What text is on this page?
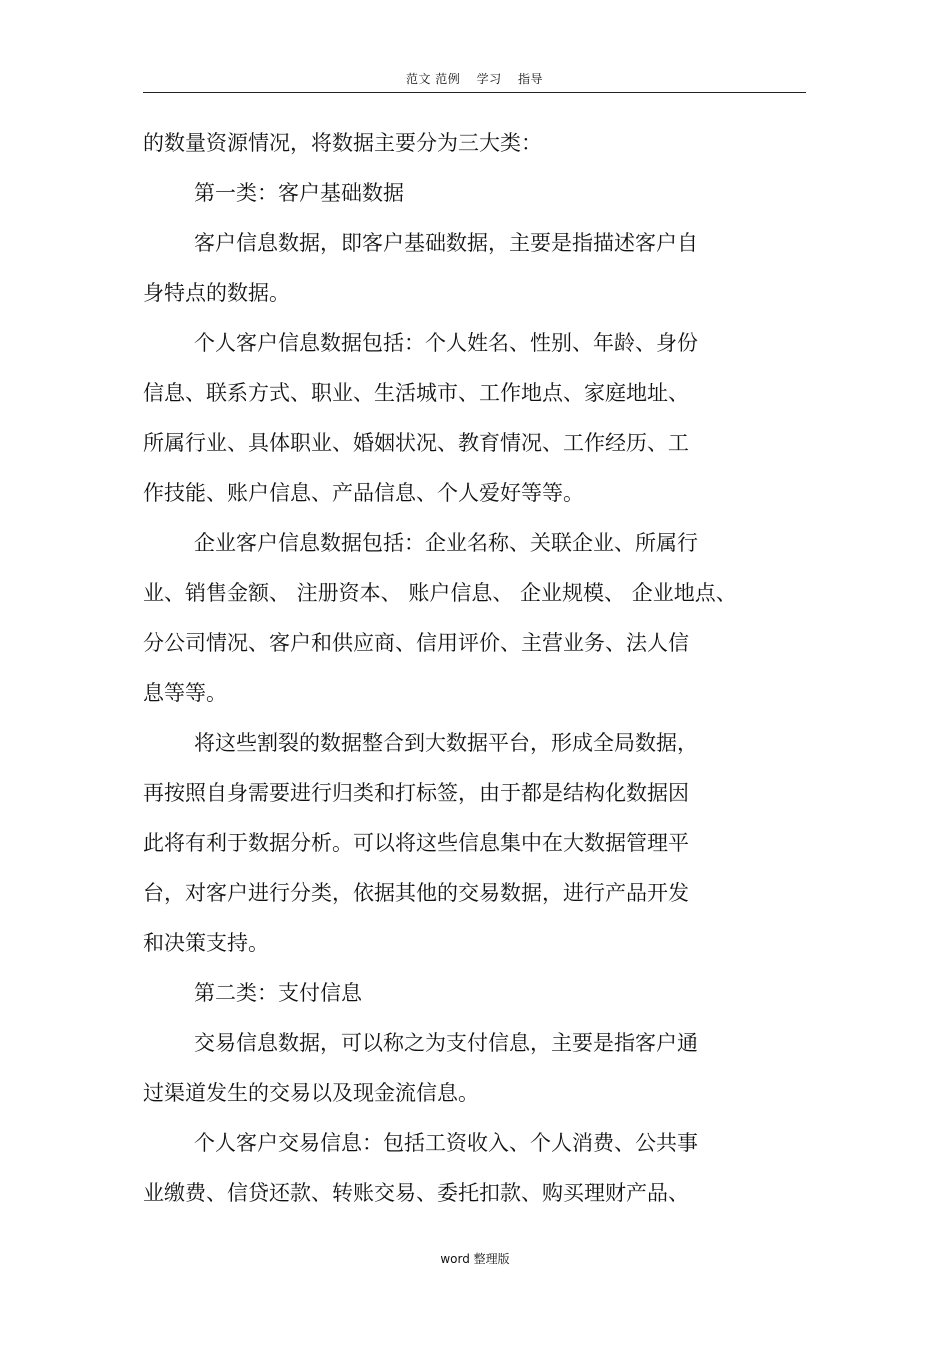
范文 范例 学习 指导
的数量资源情况，将数据主要分为三大类：
第一类：客户基础数据
客户信息数据，即客户基础数据，主要是指描述客户自
身特点的数据。
个人客户信息数据包括：个人姓名、性别、年龄、身份
信息、联系方式、职业、生活城市、工作地点、家庭地址、
所属行业、具体职业、婚姻状况、教育情况、工作经历、工
作技能、账户信息、产品信息、个人爱好等等。
企业客户信息数据包括：企业名称、关联企业、所属行
业、销售金额、 注册资本、 账户信息、 企业规模、 企业地点、
分公司情况、客户和供应商、信用评价、主营业务、法人信
息等等。
将这些割裂的数据整合到大数据平台，形成全局数据，
再按照自身需要进行归类和打标签，由于都是结构化数据因
此将有利于数据分析。可以将这些信息集中在大数据管理平
台，对客户进行分类，依据其他的交易数据，进行产品开发
和决策支持。
第二类：支付信息
交易信息数据，可以称之为支付信息，主要是指客户通
过渠道发生的交易以及现金流信息。
个人客户交易信息：包括工资收入、个人消费、公共事
业缴费、信贷还款、转账交易、委托扣款、购买理财产品、
word 整理版
